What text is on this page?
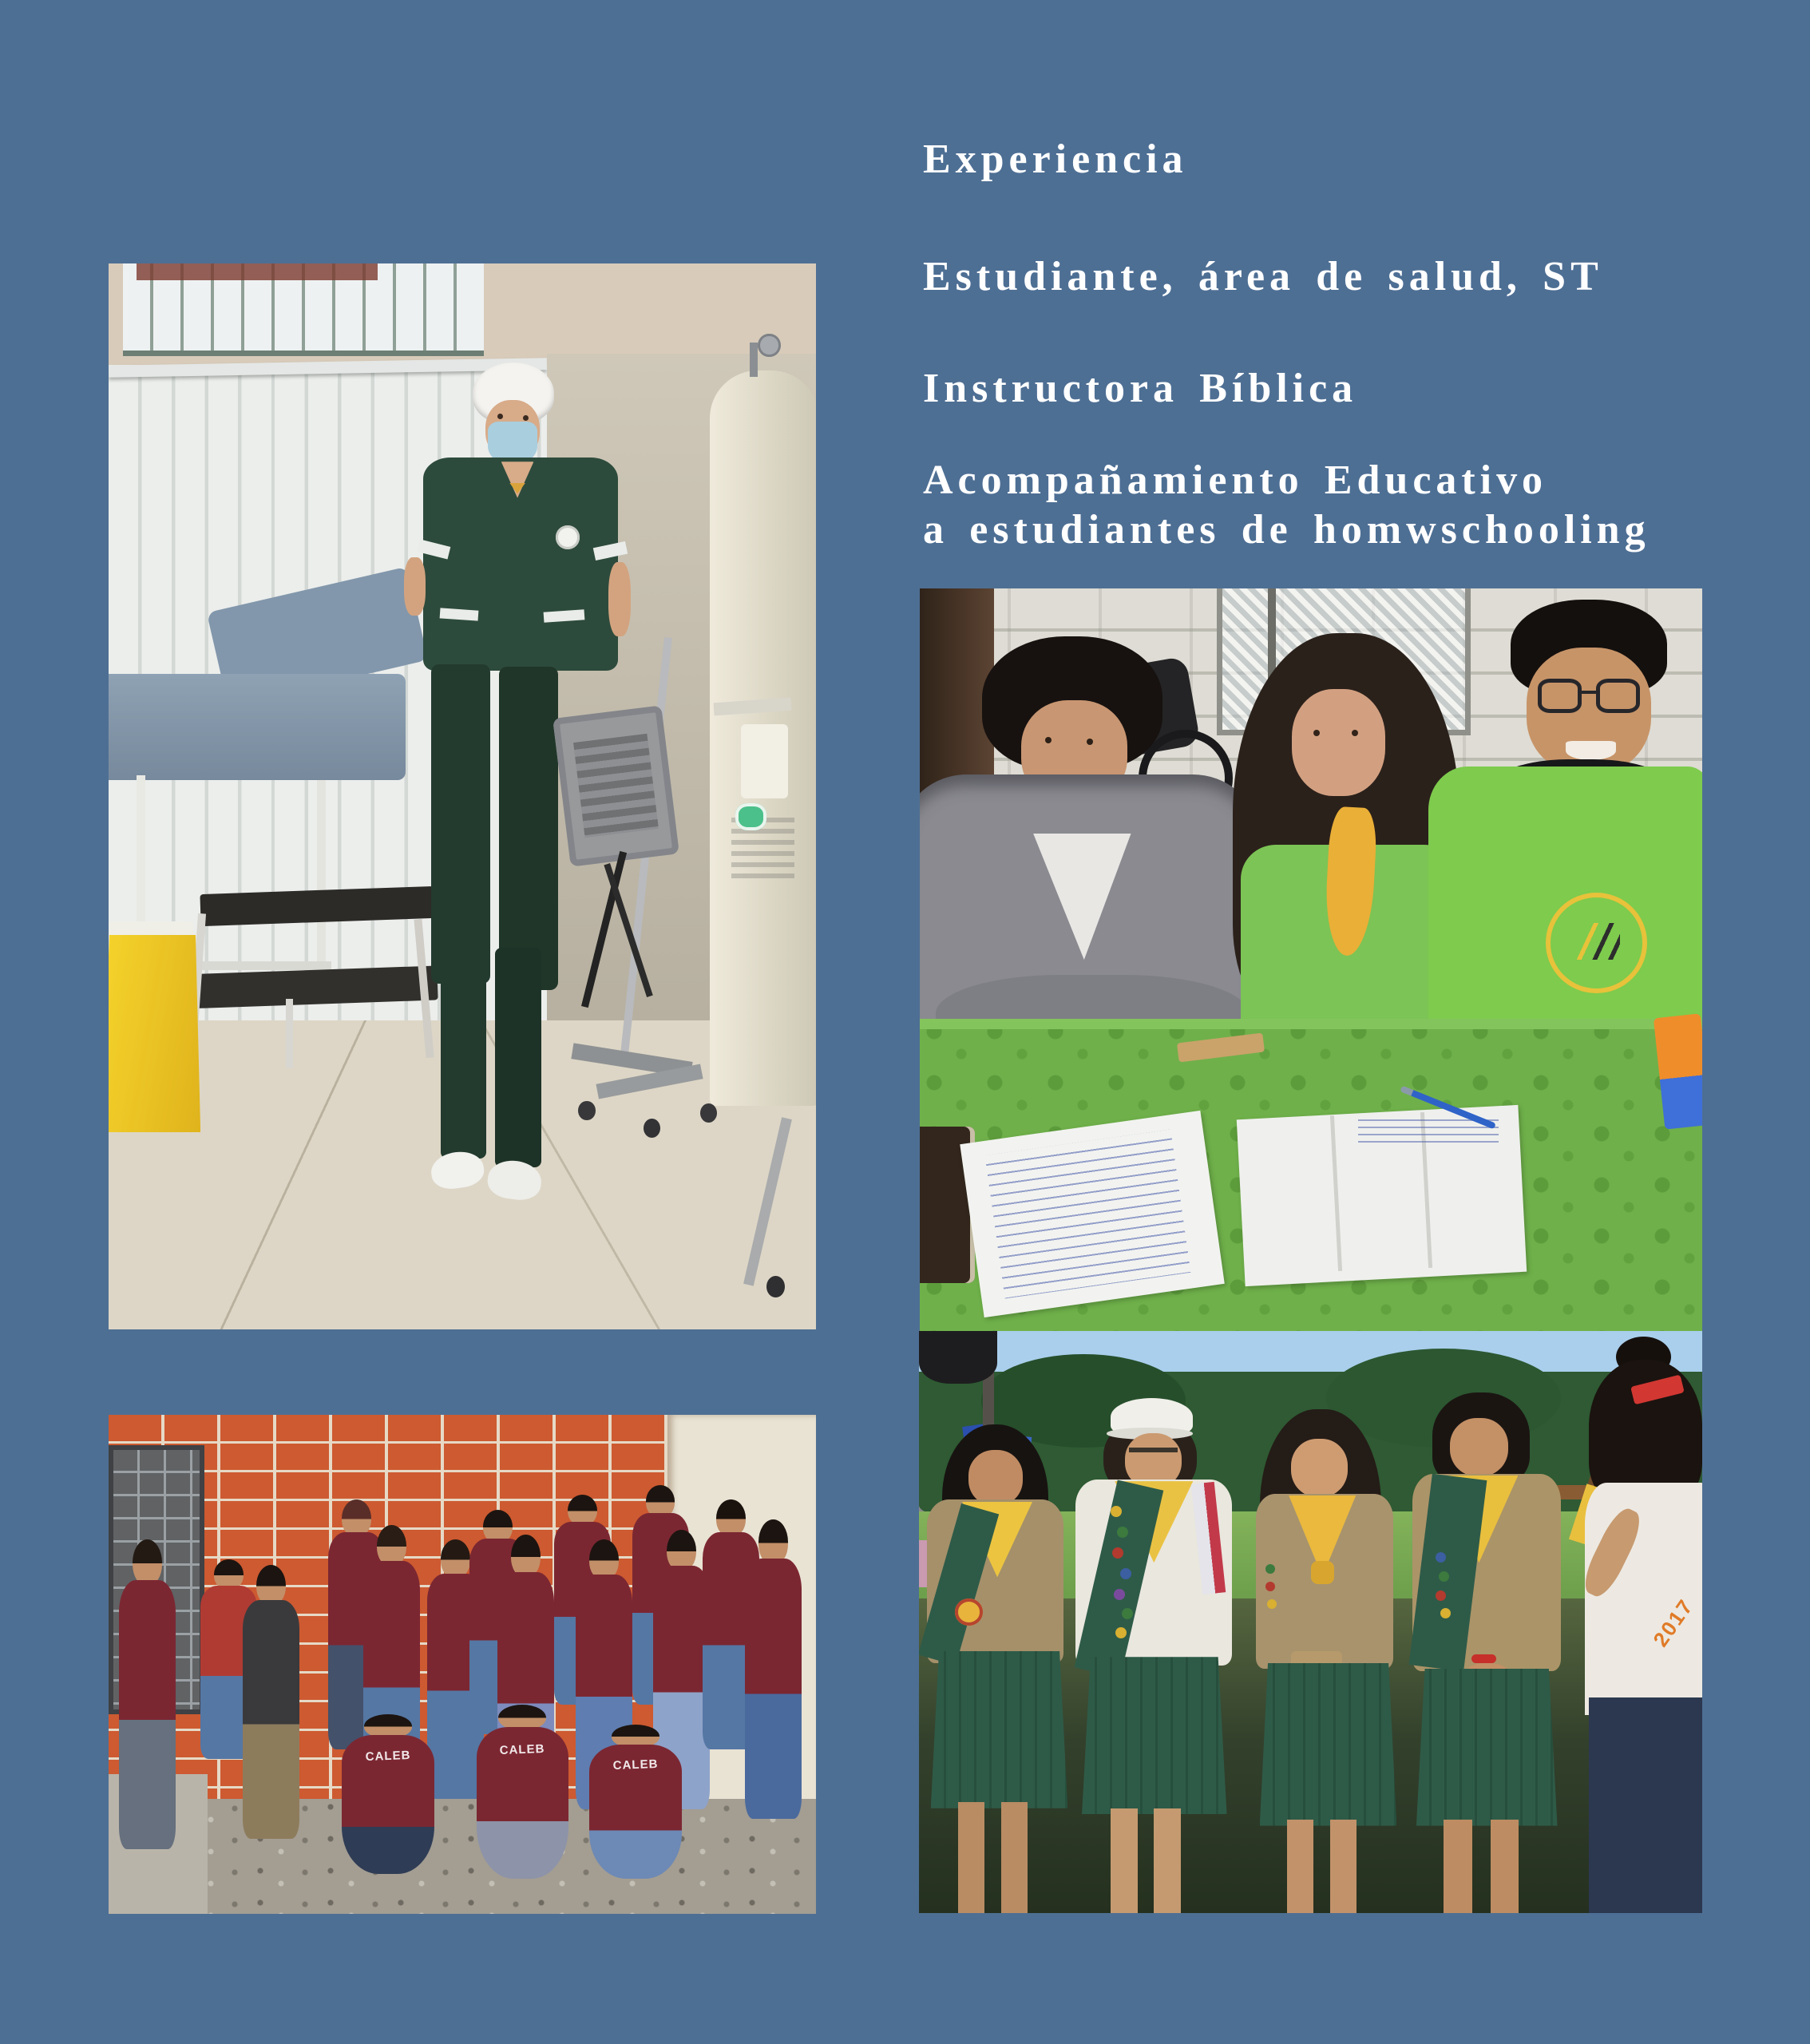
Experiencia

Estudiante, área de salud, ST

Instructora Bíblica

Acompañamiento Educativo

a estudiantes de homwschooling

CALEB	CALEB
CALEB
2017
